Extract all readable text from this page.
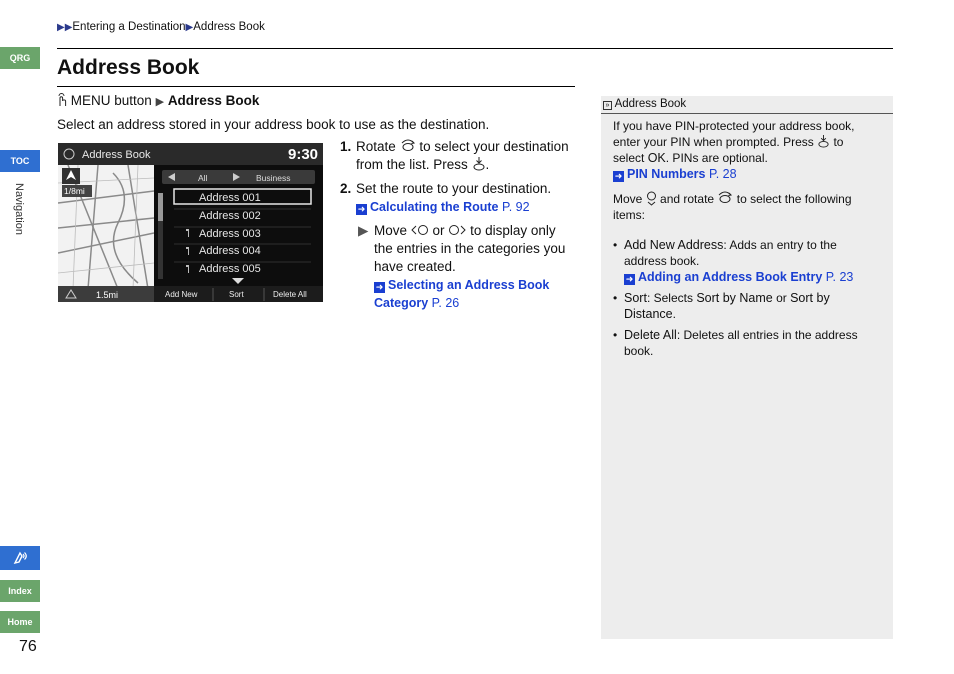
▶▶Entering a Destination▶Address Book
QRG
TOC
Navigation
Index
Home
Address Book
MENU button ▶ Address Book
Select an address stored in your address book to use as the destination.
Address Book	9:30
1/8mi
All	Business
Address 001
Address 002
Address 003
Address 004
Address 005
1.5mi	Add New	Sort	Delete All
1. Rotate to select your destination from the list. Press .
2. Set the route to your destination.
➜ Calculating the Route P. 92
▶ Move or to display only the entries in the categories you have created.
➜ Selecting an Address Book Category P. 26
» Address Book

If you have PIN-protected your address book, enter your PIN when prompted. Press to select OK. PINs are optional.
➜ PIN Numbers P. 28

Move and rotate to select the following items:

• Add New Address: Adds an entry to the address book.
➜ Adding an Address Book Entry P. 23
• Sort: Selects Sort by Name or Sort by Distance.
• Delete All: Deletes all entries in the address book.
76
